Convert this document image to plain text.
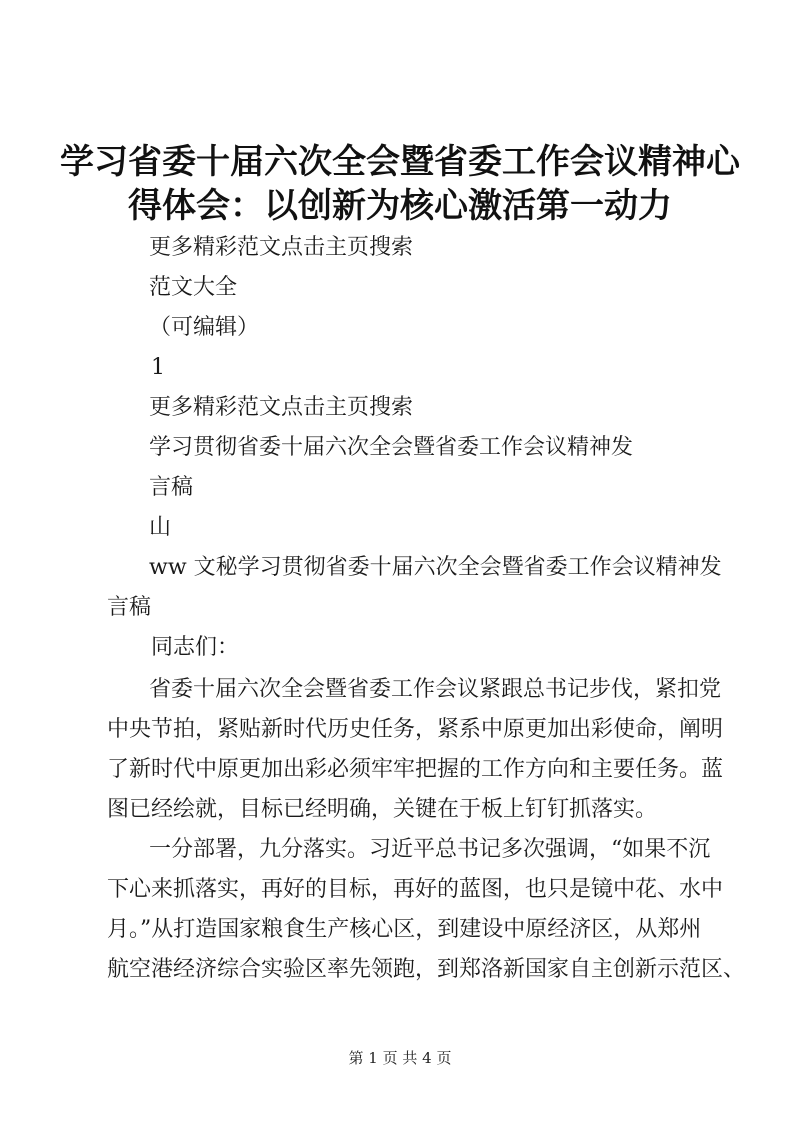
学习省委十届六次全会暨省委工作会议精神心
得体会：以创新为核心激活第一动力
更多精彩范文点击主页搜索
范文大全
（可编辑）
1
更多精彩范文点击主页搜索
学习贯彻省委十届六次全会暨省委工作会议精神发
言稿
山
ww 文秘学习贯彻省委十届六次全会暨省委工作会议精神发
言稿
同志们：
省委十届六次全会暨省委工作会议紧跟总书记步伐，紧扣党
中央节拍，紧贴新时代历史任务，紧系中原更加出彩使命，阐明
了新时代中原更加出彩必须牢牢把握的工作方向和主要任务。蓝
图已经绘就，目标已经明确，关键在于板上钉钉抓落实。
一分部署，九分落实。习近平总书记多次强调，“如果不沉
下心来抓落实，再好的目标，再好的蓝图，也只是镜中花、水中
月。”从打造国家粮食生产核心区，到建设中原经济区，从郑州
航空港经济综合实验区率先领跑，到郑洛新国家自主创新示范区、
第 1 页 共 4 页
